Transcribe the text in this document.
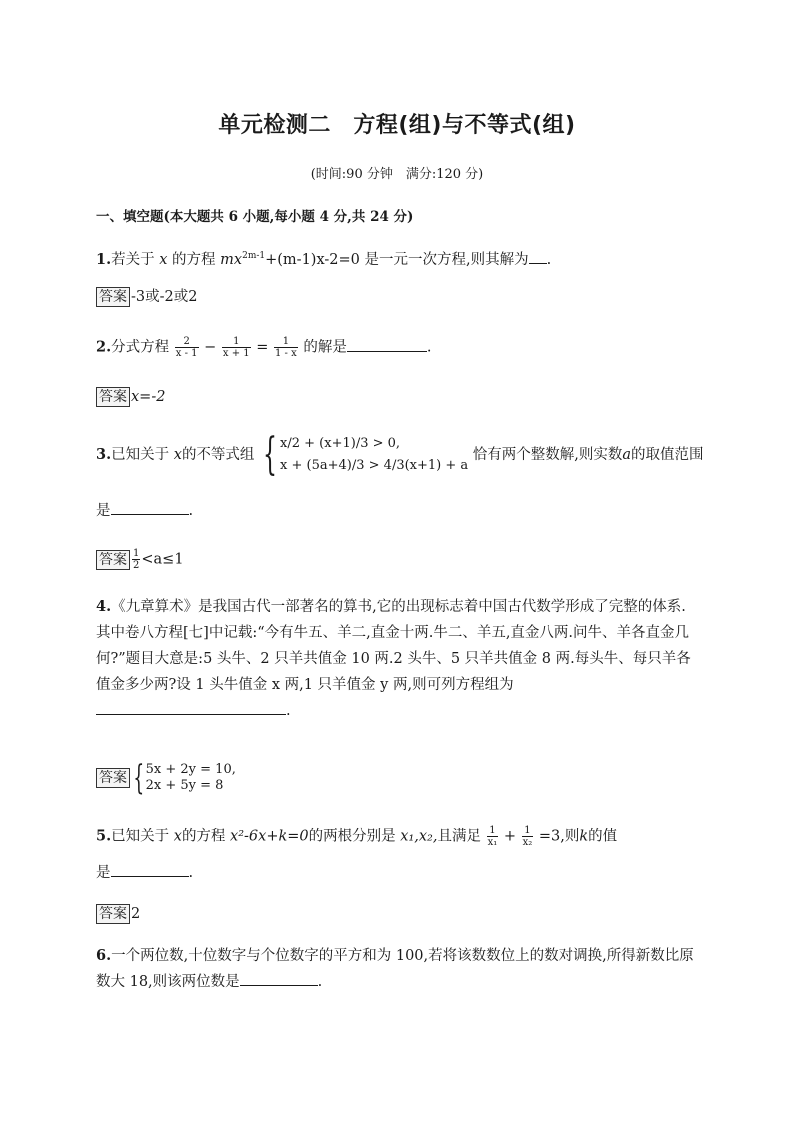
单元检测二　方程(组)与不等式(组)
(时间:90 分钟　满分:120 分)
一、填空题(本大题共 6 小题,每小题 4 分,共 24 分)
1.若关于 x 的方程 $mx^{2m-1}+(m-1)x-2=0$ 是一元一次方程,则其解为 .
答案 -3或-2或2
2.分式方程 $\frac{2}{x - 1} - \frac{1}{x + 1} = \frac{1}{1 - x}$ 的解是	.
答案 x=-2
3.已知关于 x的不等式组 { x/2 + (x+1)/3 > 0,
x + (5a+4)/3 > 4/3(x+1) + a
恰有两个整数解,则实数a的取值范围
是	.
答案 $\frac{1}{2} <a\le 1$
4.《九章算术》是我国古代一部著名的算书,它的出现标志着中国古代数学形成了完整的体系.其中卷八方程[七]中记载:“今有牛五、羊二,直金十两.牛二、羊五,直金八两.问牛、羊各直金几何?”题目大意是:5 头牛、2 只羊共值金 10 两.2 头牛、5 只羊共值金 8 两.每头牛、每只羊各值金多少两?设 1 头牛值金 x 两,1 只羊值金 y 两,则可列方程组为.
答案 { 5x + 2y = 10,
2x + 5y = 8
5.已知关于 x的方程 x²-6x+k=0的两根分别是 x₁,x₂,且满足 $\frac{1}{\text{x₁}} + \frac{1}{\text{x₂}} =3$,则k的值
是	.
答案 2
6.一个两位数,十位数字与个位数字的平方和为 100,若将该数数位上的数对调换,所得新数比原数大 18,则该两位数是	.
